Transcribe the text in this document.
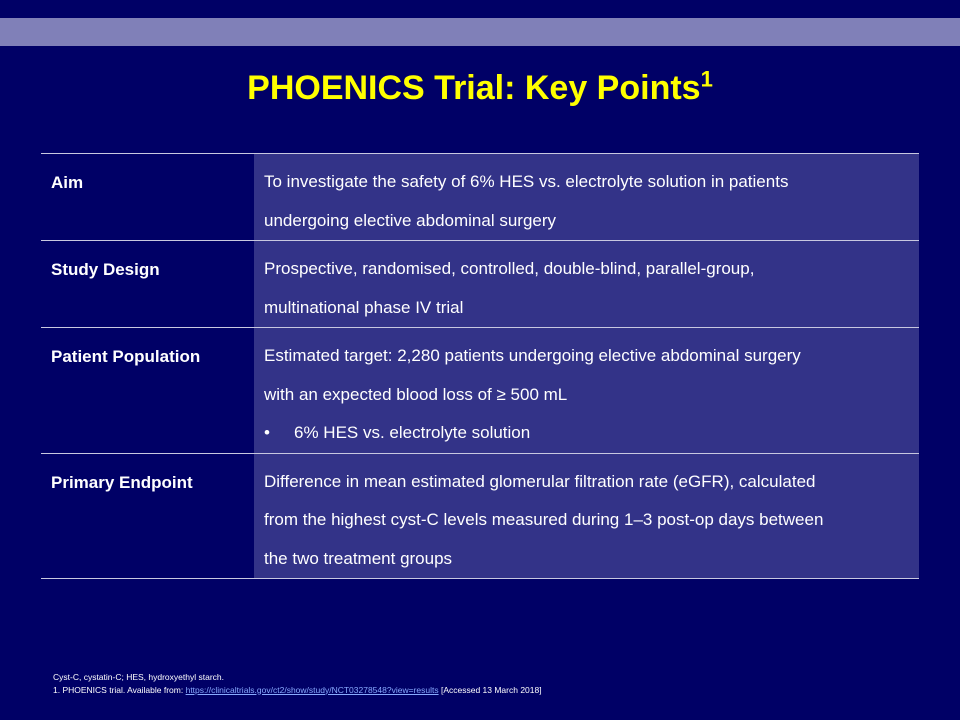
PHOENICS Trial: Key Points$^1$
Aim	To investigate the safety of 6% HES vs. electrolyte solution in patients
undergoing elective abdominal surgery

Study Design	Prospective, randomised, controlled, double-blind, parallel-group,
multinational phase IV trial

Patient Population	Estimated target: 2,280 patients undergoing elective abdominal surgery
with an expected blood loss of ≥ 500 mL
• 6% HES vs. electrolyte solution

Primary Endpoint	Difference in mean estimated glomerular filtration rate (eGFR), calculated
from the highest cyst-C levels measured during 1–3 post-op days between
the two treatment groups
Cyst-C, cystatin-C; HES, hydroxyethyl starch.
1. PHOENICS trial. Available from: https://clinicaltrials.gov/ct2/show/study/NCT03278548?view=results [Accessed 13 March 2018]
